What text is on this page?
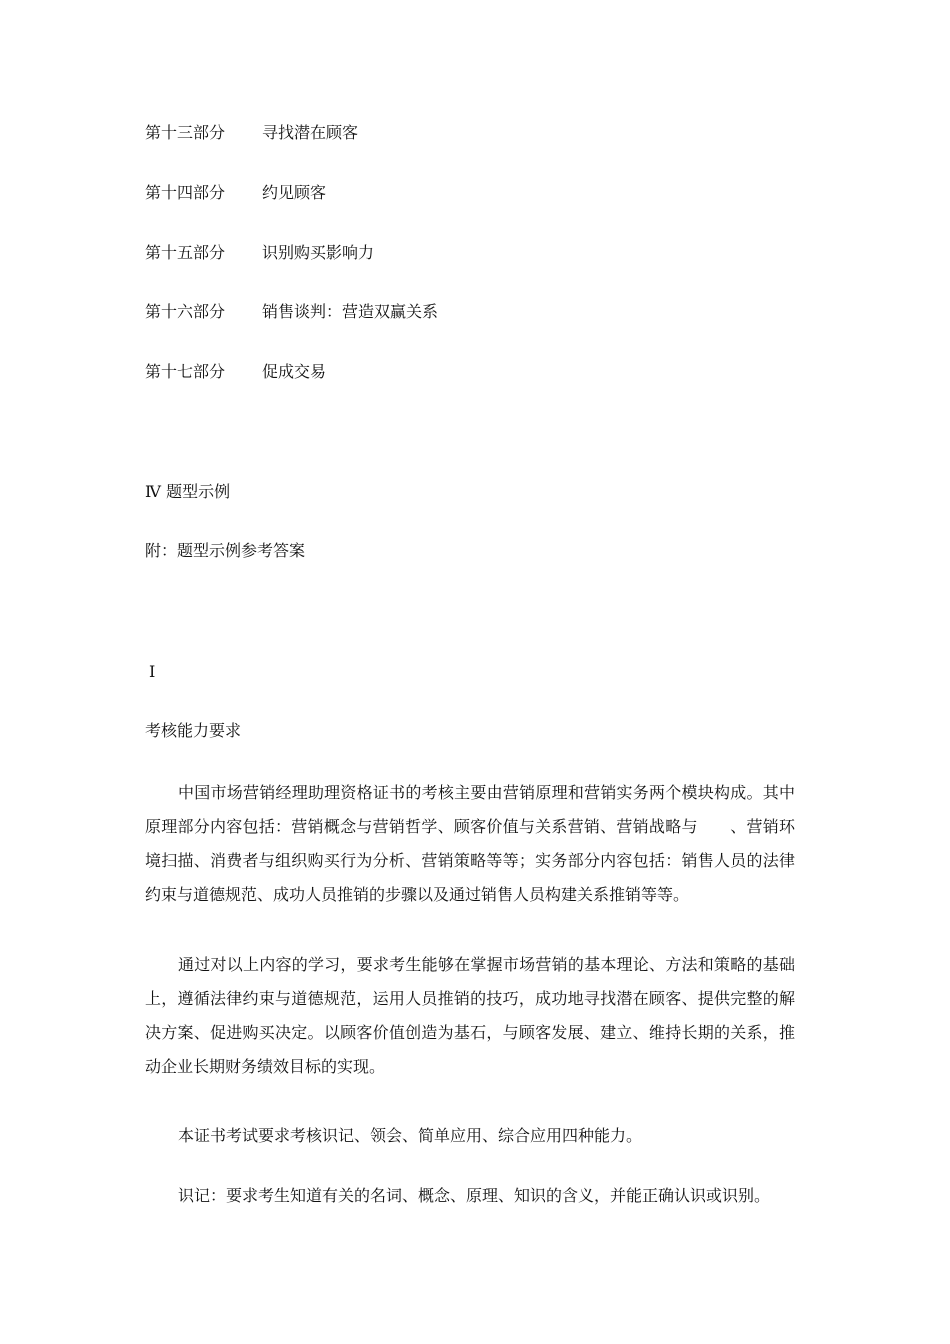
第十三部分 寻找潜在顾客
第十四部分 约见顾客
第十五部分 识别购买影响力
第十六部分 销售谈判：营造双赢关系
第十七部分 促成交易
Ⅳ 题型示例
附：题型示例参考答案
Ⅰ
考核能力要求

中国市场营销经理助理资格证书的考核主要由营销原理和营销实务两个模块构成。其中原理部分内容包括：营销概念与营销哲学、顾客价值与关系营销、营销战略与　　、营销环境扫描、消费者与组织购买行为分析、营销策略等等；实务部分内容包括：销售人员的法律约束与道德规范、成功人员推销的步骤以及通过销售人员构建关系推销等等。

通过对以上内容的学习，要求考生能够在掌握市场营销的基本理论、方法和策略的基础上，遵循法律约束与道德规范，运用人员推销的技巧，成功地寻找潜在顾客、提供完整的解决方案、促进购买决定。以顾客价值创造为基石，与顾客发展、建立、维持长期的关系，推动企业长期财务绩效目标的实现。

本证书考试要求考核识记、领会、简单应用、综合应用四种能力。

识记：要求考生知道有关的名词、概念、原理、知识的含义，并能正确认识或识别。
